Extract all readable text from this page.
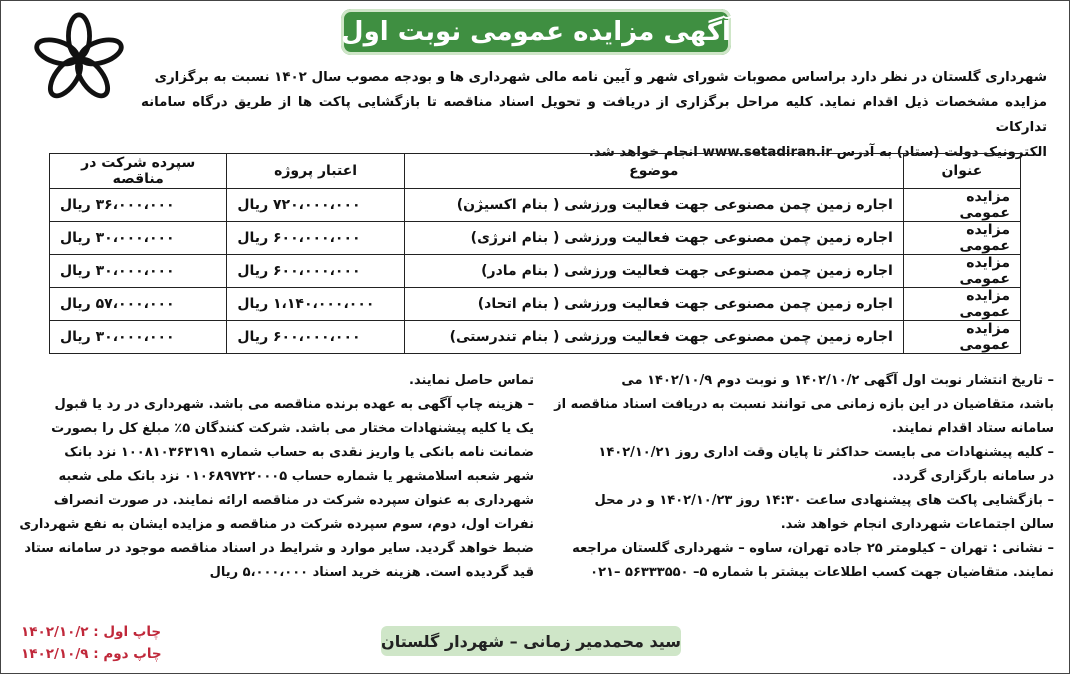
آگهی مزایده عمومی نوبت اول

شهرداری گلستان در نظر دارد براساس مصوبات شورای شهر و آیین نامه مالی شهرداری ها و بودجه مصوب سال ۱۴۰۲ نسبت به برگزاری

مزایده مشخصات ذیل اقدام نماید. کلیه مراحل برگزاری از دریافت و تحویل اسناد مناقصه تا بازگشایی پاکت ها از طریق درگاه سامانه تدارکات

الکترونیک دولت (ستاد) به آدرس www.setadiran.ir انجام خواهد شد.

عنوان	موضوع	اعتبار پروژه	سپرده شرکت در مناقصه
مزایده عمومی	اجاره زمین چمن مصنوعی جهت فعالیت ورزشی ( بنام اکسیژن)	۷۲۰،۰۰۰،۰۰۰ ریال	۳۶،۰۰۰،۰۰۰ ریال
مزایده عمومی	اجاره زمین چمن مصنوعی جهت فعالیت ورزشی ( بنام انرژی)	۶۰۰،۰۰۰،۰۰۰ ریال	۳۰،۰۰۰،۰۰۰ ریال
مزایده عمومی	اجاره زمین چمن مصنوعی جهت فعالیت ورزشی ( بنام مادر)	۶۰۰،۰۰۰،۰۰۰ ریال	۳۰،۰۰۰،۰۰۰ ریال
مزایده عمومی	اجاره زمین چمن مصنوعی جهت فعالیت ورزشی ( بنام اتحاد)	۱،۱۴۰،۰۰۰،۰۰۰ ریال	۵۷،۰۰۰،۰۰۰ ریال
مزایده عمومی	اجاره زمین چمن مصنوعی جهت فعالیت ورزشی ( بنام تندرستی)	۶۰۰،۰۰۰،۰۰۰ ریال	۳۰،۰۰۰،۰۰۰ ریال

– تاریخ انتشار نوبت اول آگهی ۱۴۰۲/۱۰/۲ و نوبت دوم ۱۴۰۲/۱۰/۹ می

باشد، متقاضیان در این بازه زمانی می توانند نسبت به دریافت اسناد مناقصه از

سامانه ستاد اقدام نمایند.

– کلیه پیشنهادات می بایست حداکثر تا پایان وقت اداری روز ۱۴۰۲/۱۰/۲۱

در سامانه بارگزاری گردد.

– بازگشایی پاکت های پیشنهادی ساعت ۱۴:۳۰ روز ۱۴۰۲/۱۰/۲۳ و در محل

سالن اجتماعات شهرداری انجام خواهد شد.

– نشانی : تهران – کیلومتر ۲۵ جاده تهران، ساوه – شهرداری گلستان مراجعه

نمایند. متقاضیان جهت کسب اطلاعات بیشتر با شماره ۵– ۵۶۳۳۳۵۵۰ –۰۲۱

تماس حاصل نمایند.

– هزینه چاپ آگهی به عهده برنده مناقصه می باشد. شهرداری در رد یا قبول

یک یا کلیه پیشنهادات مختار می باشد. شرکت کنندگان ۵٪ مبلغ کل را بصورت

ضمانت نامه بانکی یا واریز نقدی به حساب شماره ۱۰۰۸۱۰۳۶۳۱۹۱ نزد بانک

شهر شعبه اسلامشهر یا شماره حساب ۰۱۰۶۸۹۷۲۲۰۰۰۵ نزد بانک ملی شعبه

شهرداری به عنوان سپرده شرکت در مناقصه ارائه نمایند. در صورت انصراف

نفرات اول، دوم، سوم سپرده شرکت در مناقصه و مزایده ایشان به نفع شهرداری

ضبط خواهد گردید. سایر موارد و شرایط در اسناد مناقصه موجود در سامانه ستاد

قید گردیده است. هزینه خرید اسناد ۵،۰۰۰،۰۰۰ ریال

سید محمدمیر زمانی – شهردار گلستان

چاپ اول : ۱۴۰۲/۱۰/۲

چاپ دوم : ۱۴۰۲/۱۰/۹
